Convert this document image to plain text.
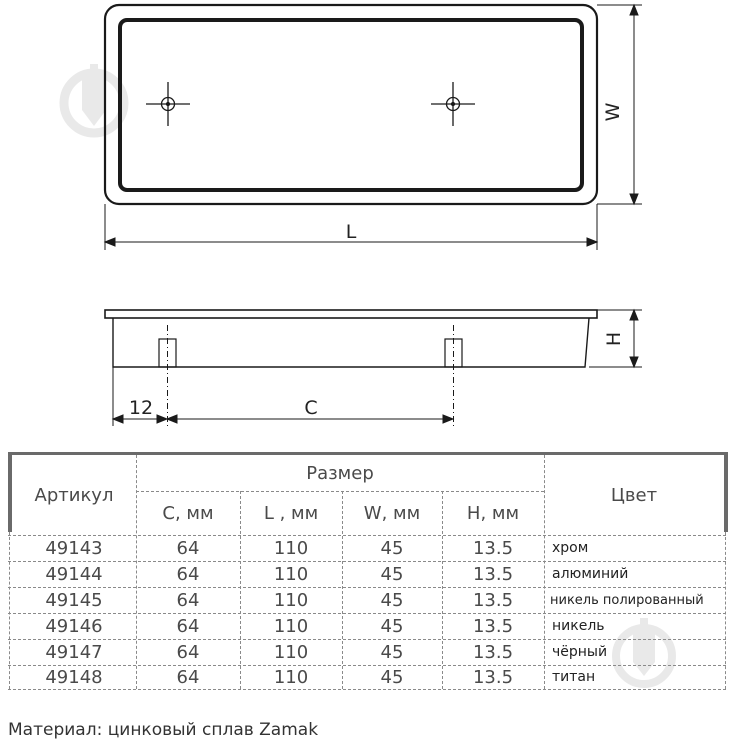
W
L
H
12	C
Артикул
Размер
C, мм	L , мм	W, мм	H, мм
Цвет
49143	64	110	45	13.5	хром
49144	64	110	45	13.5	алюминий
49145	64	110	45	13.5	никель полированный
49146	64	110	45	13.5	никель
49147	64	110	45	13.5	чёрный
49148	64	110	45	13.5	титан
Материал: цинковый сплав Zamak
